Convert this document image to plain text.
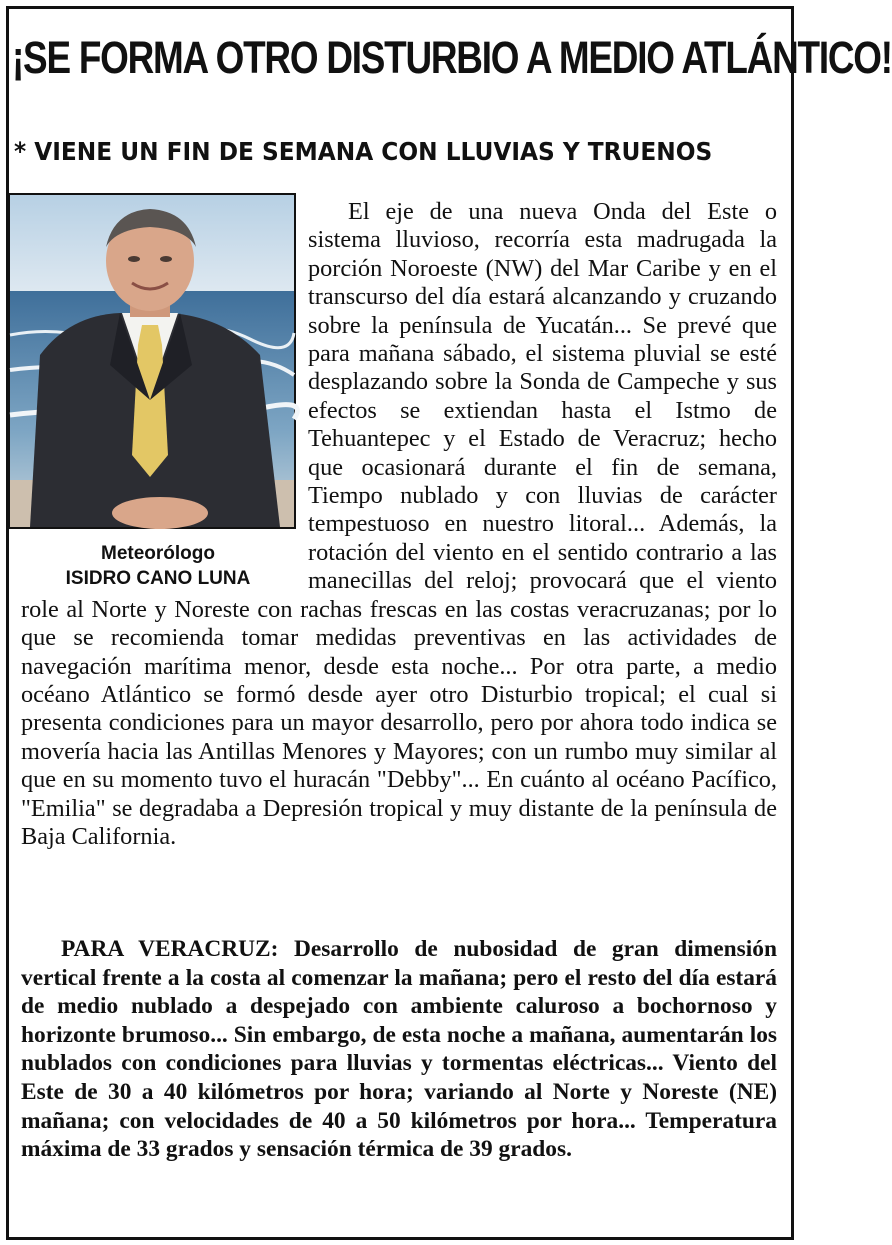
¡SE FORMA OTRO DISTURBIO A MEDIO ATLÁNTICO!
* VIENE UN FIN DE SEMANA CON LLUVIAS Y TRUENOS
Meteorólogo
ISIDRO CANO LUNA

El eje de una nueva Onda del Este o sistema lluvioso, recorría esta madrugada la porción Noroeste (NW) del Mar Caribe y en el transcurso del día estará alcanzando y cruzando sobre la península de Yucatán... Se prevé que para mañana sábado, el sistema pluvial se esté desplazando sobre la Sonda de Campeche y sus efectos se extiendan hasta el Istmo de Tehuantepec y el Estado de Veracruz; hecho que ocasionará durante el fin de semana, Tiempo nublado y con lluvias de carácter tempestuoso en nuestro litoral... Además, la rotación del viento en el sentido contrario a las manecillas del reloj; provocará que el viento role al Norte y Noreste con rachas frescas en las costas veracruzanas; por lo que se recomienda tomar medidas preventivas en las actividades de navegación marítima menor, desde esta noche... Por otra parte, a medio océano Atlántico se formó desde ayer otro Disturbio tropical; el cual si presenta condiciones para un mayor desarrollo, pero por ahora todo indica se movería hacia las Antillas Menores y Mayores; con un rumbo muy similar al que en su momento tuvo el huracán "Debby"... En cuánto al océano Pacífico, "Emilia" se degradaba a Depresión tropical y muy distante de la península de Baja California.

PARA VERACRUZ: Desarrollo de nubosidad de gran dimensión vertical frente a la costa al comenzar la mañana; pero el resto del día estará de medio nublado a despejado con ambiente caluroso a bochornoso y horizonte brumoso... Sin embargo, de esta noche a mañana, aumentarán los nublados con condiciones para lluvias y tormentas eléctricas... Viento del Este de 30 a 40 kilómetros por hora; variando al Norte y Noreste (NE) mañana; con velocidades de 40 a 50 kilómetros por hora... Temperatura máxima de 33 grados y sensación térmica de 39 grados.
